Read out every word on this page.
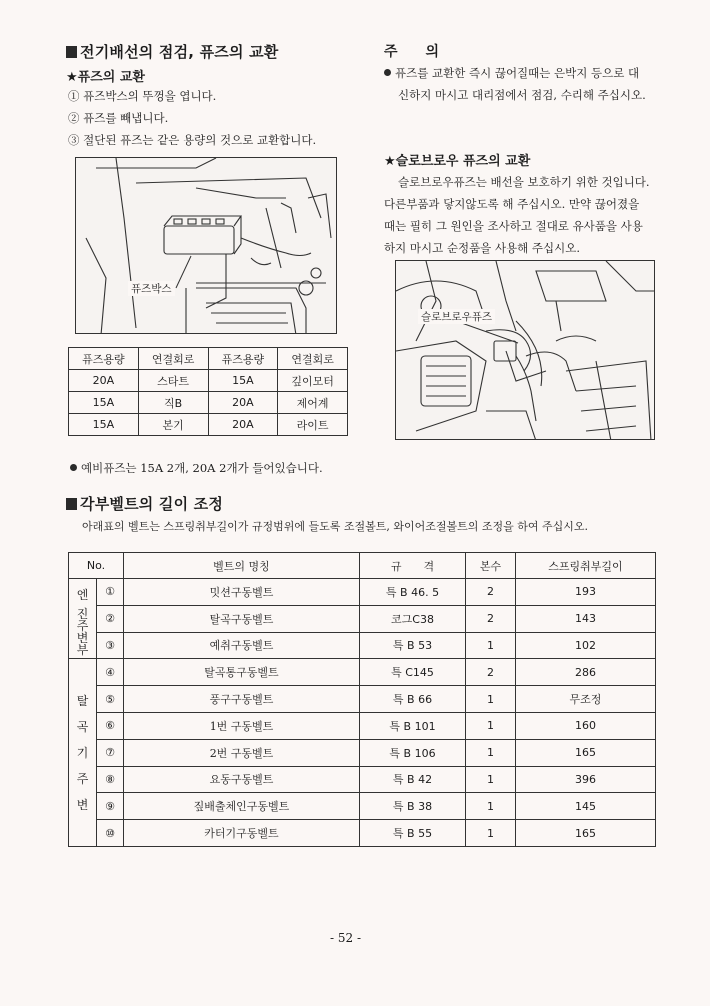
전기배선의 점검, 퓨즈의 교환
★퓨즈의 교환
① 퓨즈박스의 뚜껑을 엽니다.
② 퓨즈를 빼냅니다.
③ 절단된 퓨즈는 같은 용량의 것으로 교환합니다.
퓨즈박스
퓨즈용량	연결회로	퓨즈용량	연결회로
20A	스타트	15A	깊이모터
15A	직B	20A	제어계
15A	본기	20A	라이트
예비퓨즈는 15A 2개, 20A 2개가 들어있습니다.
주　　의
퓨즈를 교환한 즉시 끊어질때는 은박지 등으로 대
신하지 마시고 대리점에서 점검, 수리해 주십시오.
★슬로브로우 퓨즈의 교환
슬로브로우퓨즈는 배선을 보호하기 위한 것입니다.
다른부품과 닿지않도록 해 주십시오. 만약 끊어졌을
때는 필히 그 원인을 조사하고 절대로 유사품을 사용
하지 마시고 순정품을 사용해 주십시오.
슬로브로우퓨즈
각부벨트의 길이 조정
아래표의 벨트는 스프링취부길이가 규정범위에 들도록 조절볼트, 와이어조절볼트의 조정을 하여 주십시오.
No.		벨트의 명칭	규　　격	본수	스프링취부길이

엔
진
주
변
부	①	밋션구동벨트	특 B 46. 5	2	193
	②	탈곡구동벨트	코그C38	2	143
	③	예취구동벨트	특 B 53	1	102

탈
곡
기
주
변	④	탈곡통구동벨트	특 C145	2	286
	⑤	풍구구동벨트	특 B 66	1	무조정
	⑥	1번 구동벨트	특 B 101	1	160
	⑦	2번 구동벨트	특 B 106	1	165
	⑧	요동구동벨트	특 B 42	1	396
	⑨	짚배출체인구동벨트	특 B 38	1	145
	⑩	카터기구동벨트	특 B 55	1	165
- 52 -
